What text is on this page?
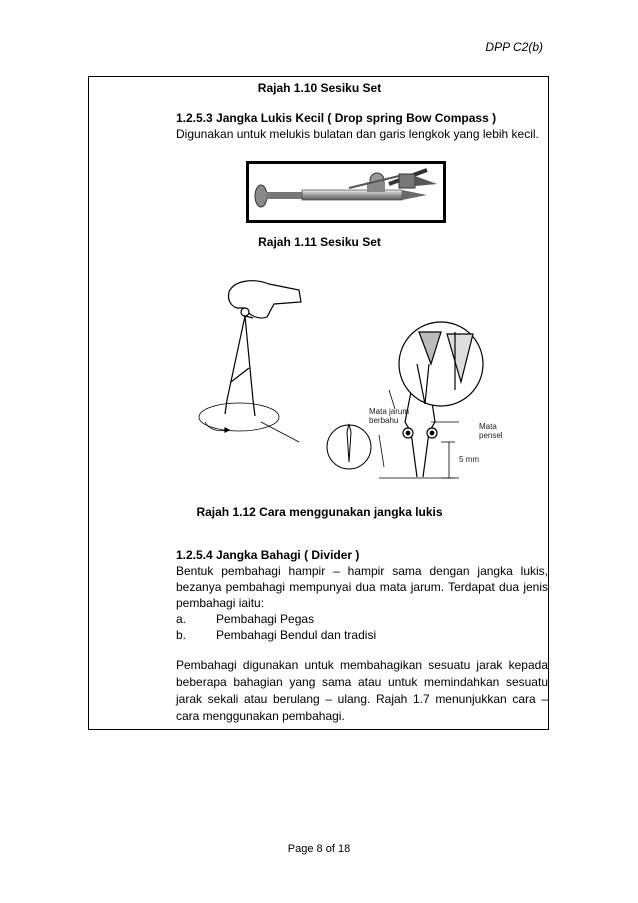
DPP C2(b)
Rajah 1.10 Sesiku Set
1.2.5.3 Jangka Lukis Kecil ( Drop spring Bow Compass )
Digunakan untuk melukis bulatan dan garis lengkok yang lebih kecil.
Rajah 1.11 Sesiku Set
Mata jarum
berbahu
Mata
pensel
5 mm
Rajah 1.12 Cara menggunakan jangka lukis
1.2.5.4 Jangka Bahagi ( Divider )
Bentuk pembahagi hampir – hampir sama dengan jangka lukis, bezanya pembahagi mempunyai dua mata jarum. Terdapat dua jenis pembahagi iaitu:
a. Pembahagi Pegas
b. Pembahagi Bendul dan tradisi
Pembahagi digunakan untuk membahagikan sesuatu jarak kepada beberapa bahagian yang sama atau untuk memindahkan sesuatu jarak sekali atau berulang – ulang. Rajah 1.7 menunjukkan cara – cara menggunakan pembahagi.
Page 8 of 18
